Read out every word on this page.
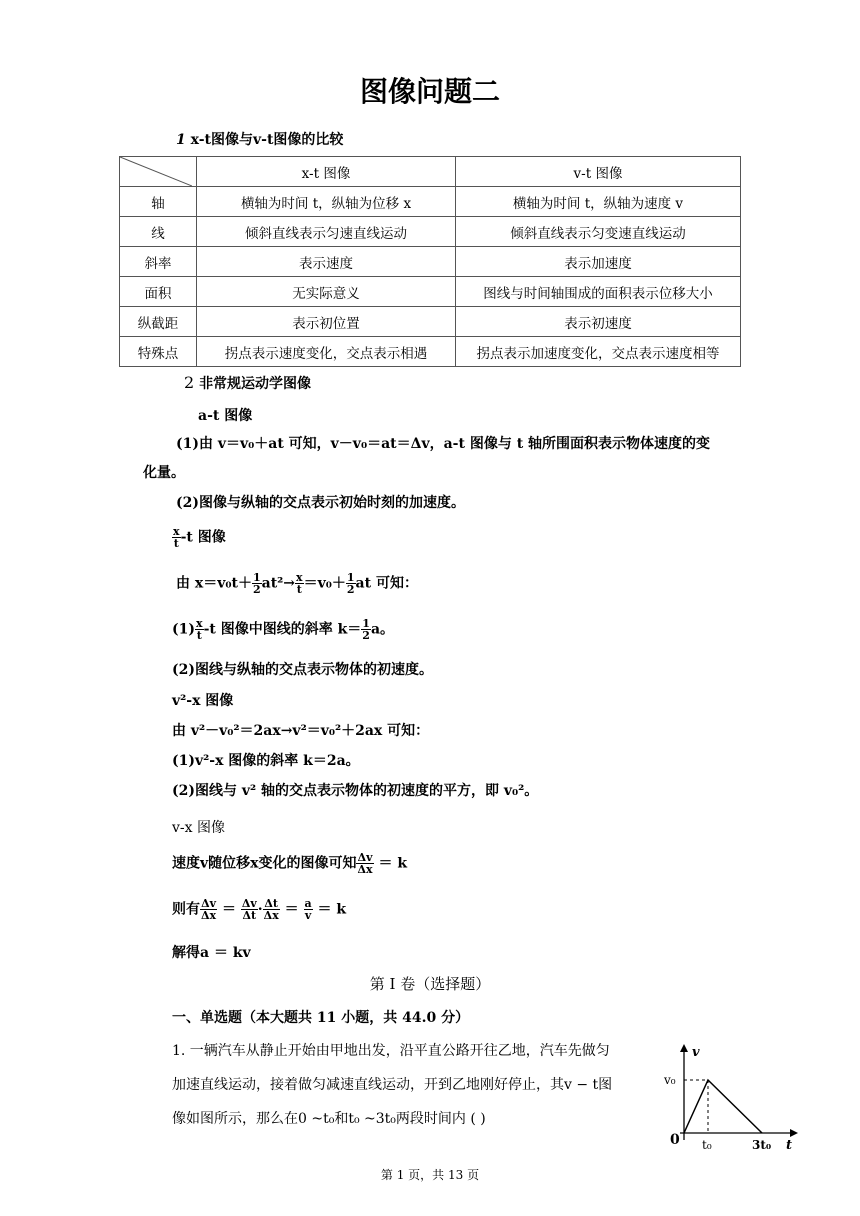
图像问题二
1 x-t图像与v-t图像的比较
	x-t 图像	v-t 图像
轴	横轴为时间 t，纵轴为位移 x	横轴为时间 t，纵轴为速度 v
线	倾斜直线表示匀速直线运动	倾斜直线表示匀变速直线运动
斜率	表示速度	表示加速度
面积	无实际意义	图线与时间轴围成的面积表示位移大小
纵截距	表示初位置	表示初速度
特殊点	拐点表示速度变化，交点表示相遇	拐点表示加速度变化，交点表示速度相等
2 非常规运动学图像
a-t 图像
(1)由 v＝v₀＋at 可知，v－v₀＝at＝Δv，a-t 图像与 t 轴所围面积表示物体速度的变
化量。
(2)图像与纵轴的交点表示初始时刻的加速度。
$\frac{x}{t} -t$ 图像
由 $x=v_0t+ \frac{1}{2} at^2\to \frac{x}{t} =v_0+ \frac{1}{2}$ at 可知：
$(1) \frac{x}{t} -t$ 图像中图线的斜率 $k= \frac{1}{2}$ a。
(2)图线与纵轴的交点表示物体的初速度。
v²-x 图像
由 v²－v₀²＝2ax→v²＝v₀²＋2ax 可知：
(1)v²-x 图像的斜率 k＝2a。
(2)图线与 v² 轴的交点表示物体的初速度的平方，即 v₀²。
v-x 图像
速度v随位移x变化的图像可知 $\frac{\Delta v}{\Delta x} = k$
则有 $\frac{\Delta v}{\Delta x} = \frac{\Delta v}{\Delta t} \cdot \frac{\Delta t}{\Delta x} = \frac{a}{v} = k$
解得a ＝ kv
第 I 卷（选择题）
一、单选题（本大题共 11 小题，共 44.0 分）
1. 一辆汽车从静止开始由甲地出发，沿平直公路开往乙地，汽车先做匀
加速直线运动，接着做匀减速直线运动，开到乙地刚好停止，其v − t图
像如图所示，那么在0 ~t₀和t₀ ~3t₀两段时间内 ( )
v
t
0
v₀
t₀	3t₀
第 1 页，共 13 页
